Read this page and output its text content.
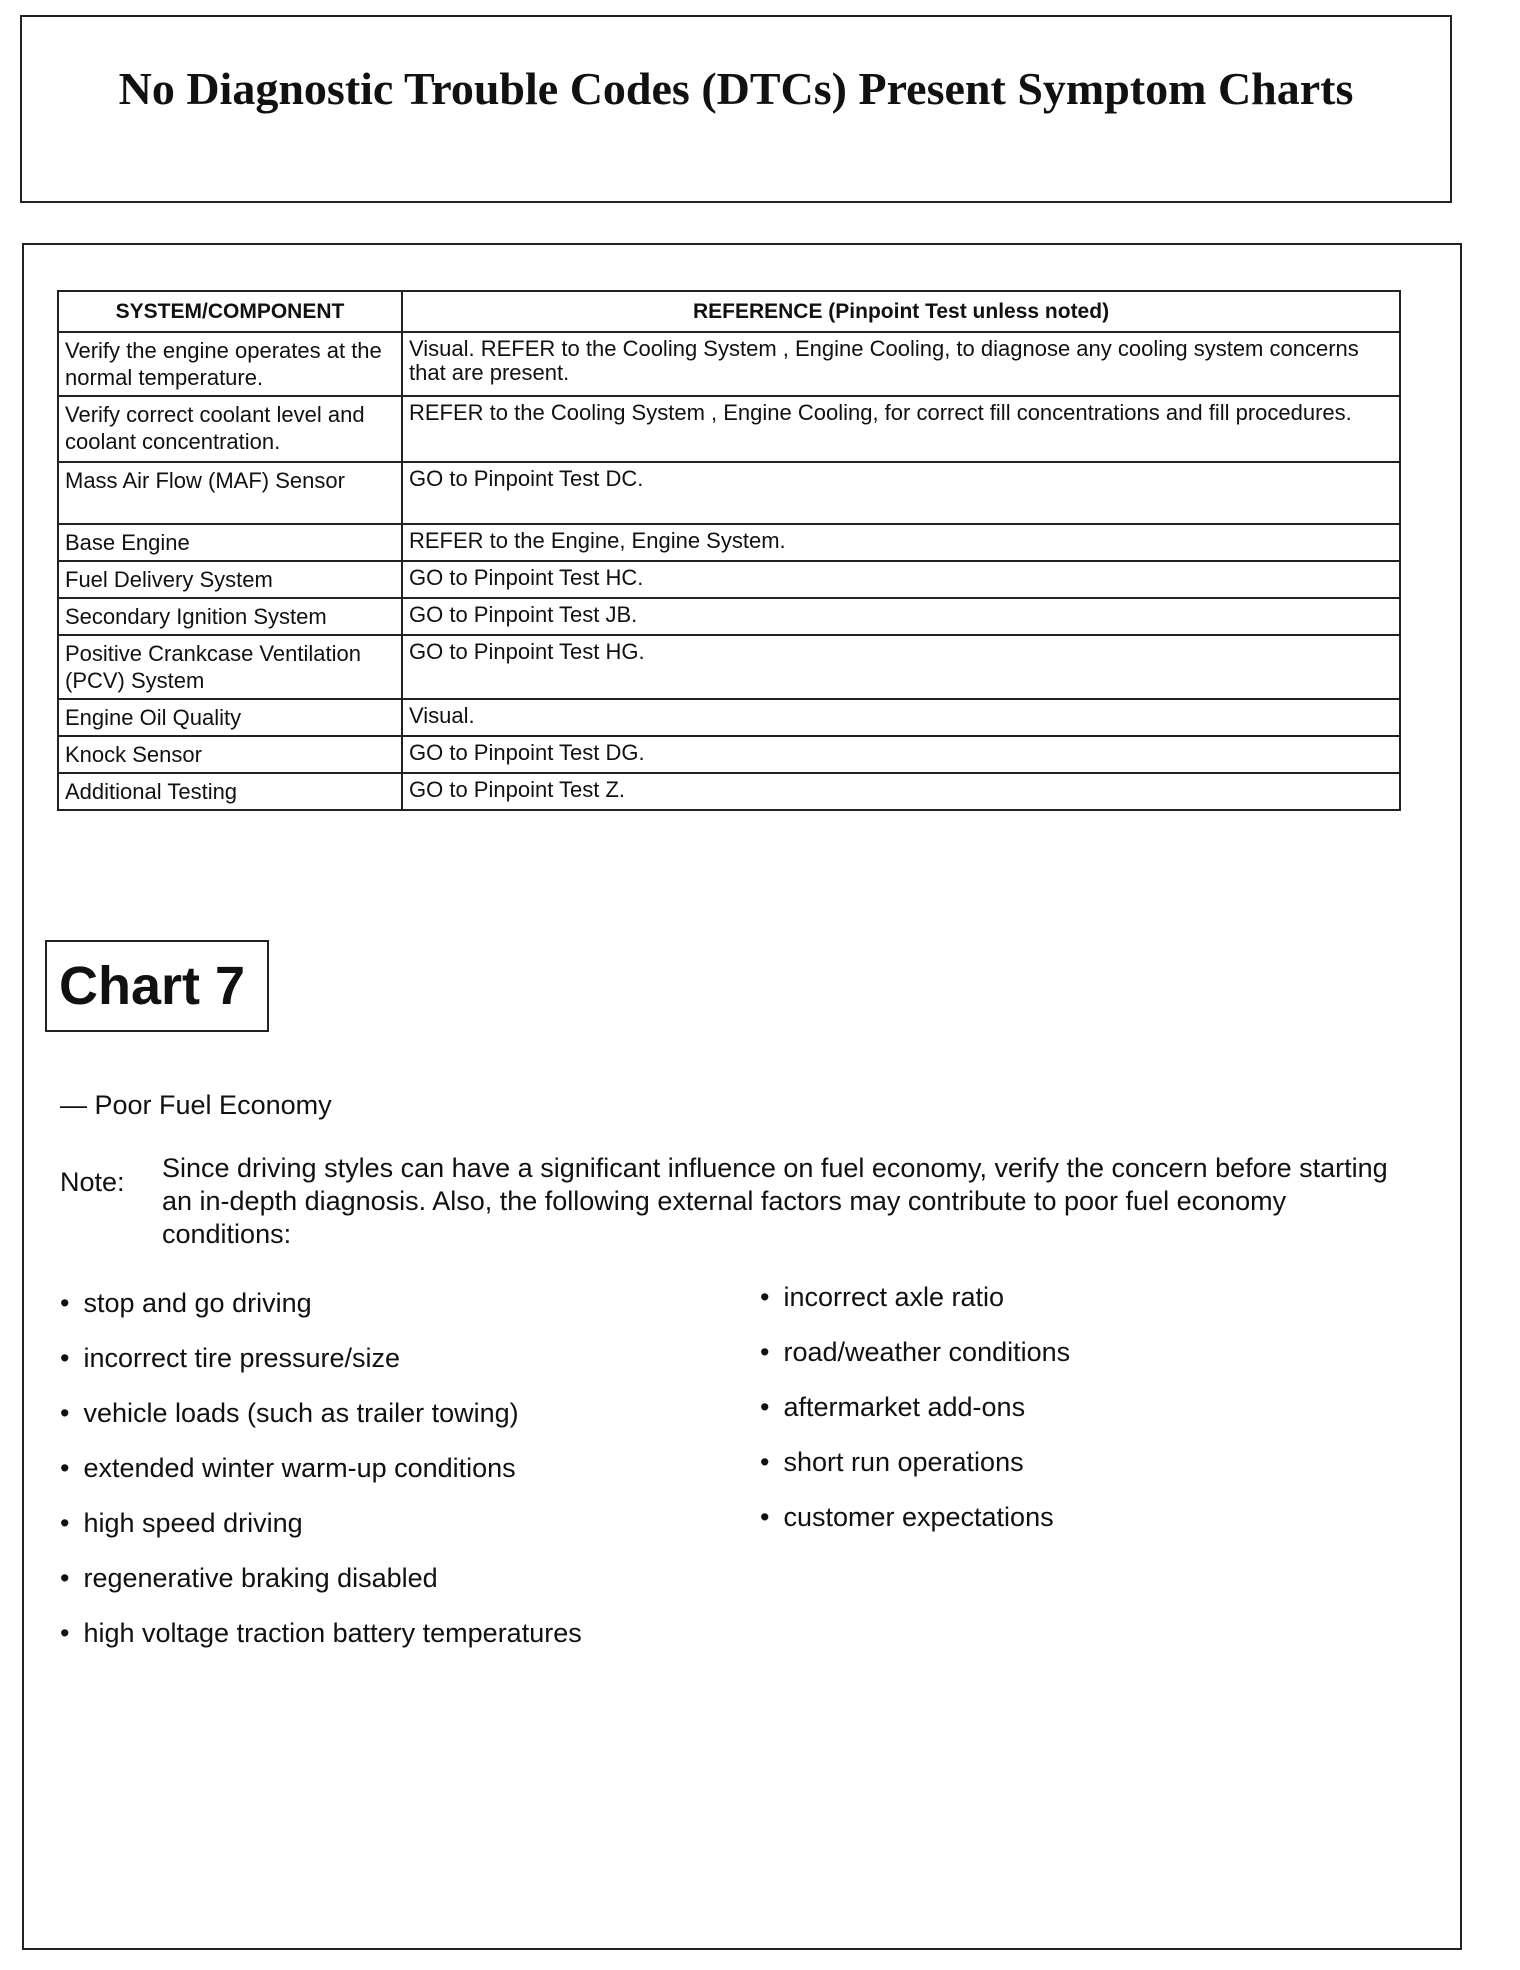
No Diagnostic Trouble Codes (DTCs) Present Symptom Charts
SYSTEM/COMPONENT	REFERENCE (Pinpoint Test unless noted)
Verify the engine operates at the normal temperature.	Visual. REFER to the Cooling System , Engine Cooling, to diagnose any cooling system concerns that are present.
Verify correct coolant level and coolant concentration.	REFER to the Cooling System , Engine Cooling, for correct fill concentrations and fill procedures.
Mass Air Flow (MAF) Sensor	GO to Pinpoint Test DC.
Base Engine	REFER to the Engine, Engine System.
Fuel Delivery System	GO to Pinpoint Test HC.
Secondary Ignition System	GO to Pinpoint Test JB.
Positive Crankcase Ventilation (PCV) System	GO to Pinpoint Test HG.
Engine Oil Quality	Visual.
Knock Sensor	GO to Pinpoint Test DG.
Additional Testing	GO to Pinpoint Test Z.
Chart 7
— Poor Fuel Economy
Note: Since driving styles can have a significant influence on fuel economy, verify the concern before starting an in-depth diagnosis. Also, the following external factors may contribute to poor fuel economy conditions:
• stop and go driving
• incorrect tire pressure/size
• vehicle loads (such as trailer towing)
• extended winter warm-up conditions
• high speed driving
• regenerative braking disabled
• high voltage traction battery temperatures
• incorrect axle ratio
• road/weather conditions
• aftermarket add-ons
• short run operations
• customer expectations
